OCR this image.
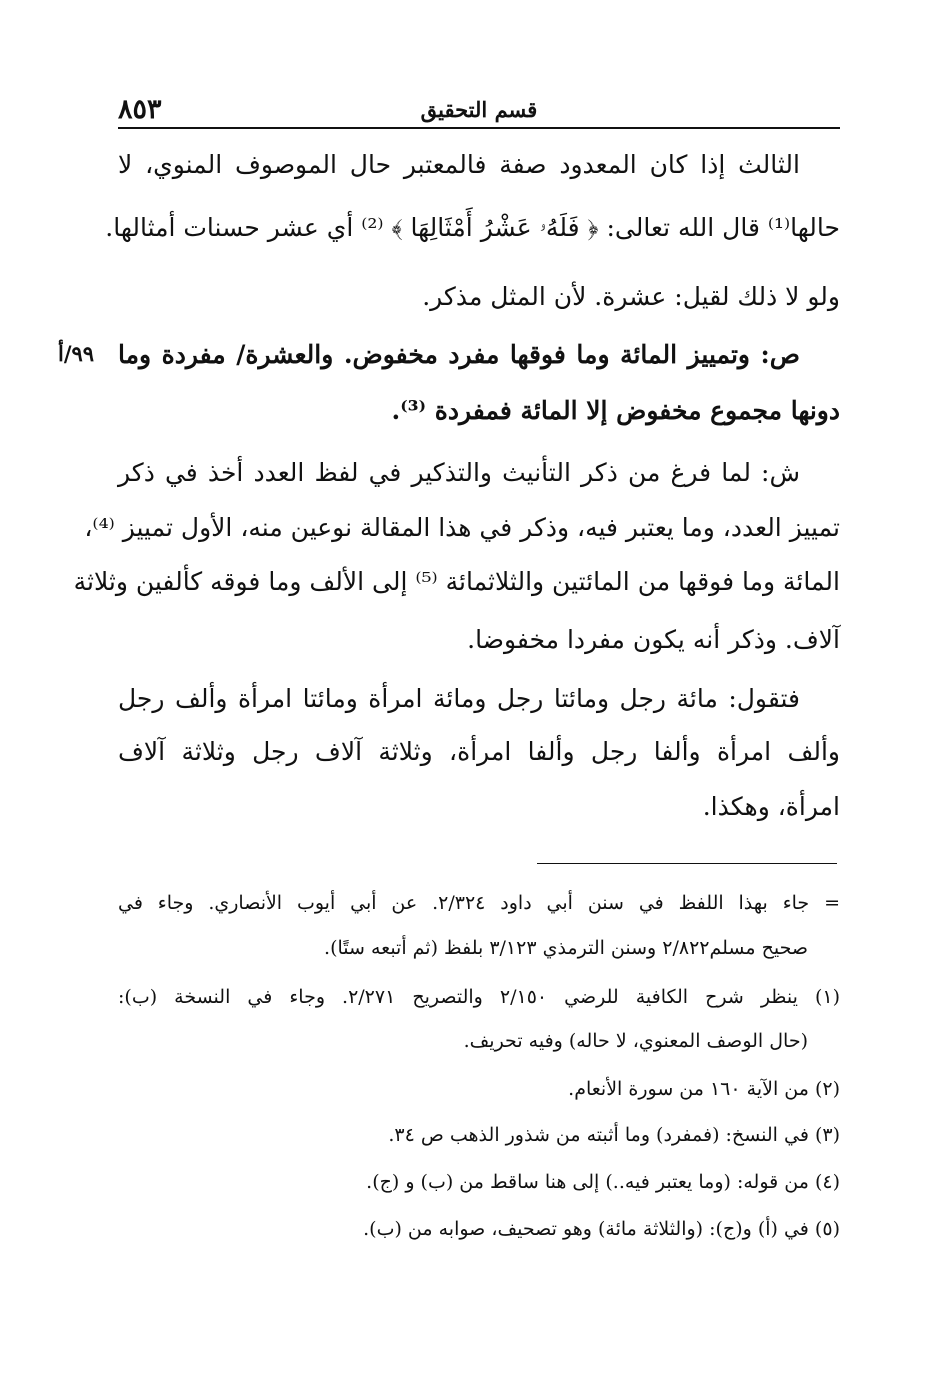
٨٥٣	قسم التحقيق
٩٩/أ
الثالث إذا كان المعدود صفة فالمعتبر حال الموصوف المنوي، لا
حالها⁽¹⁾ قال الله تعالى: ﴿ فَلَهُۥ عَشْرُ أَمْثَالِهَا ﴾ ⁽²⁾ أي عشر حسنات أمثالها.
ولو لا ذلك لقيل: عشرة. لأن المثل مذكر.
ص: وتمييز المائة وما فوقها مفرد مخفوض. والعشرة/ مفردة وما
دونها مجموع مخفوض إلا المائة فمفردة ⁽³⁾.
ش: لما فرغ من ذكر التأنيث والتذكير في لفظ العدد أخذ في ذكر
تمييز العدد، وما يعتبر فيه، وذكر في هذا المقالة نوعين منه، الأول تمييز ⁽⁴⁾،
المائة وما فوقها من المائتين والثلاثمائة ⁽⁵⁾ إلى الألف وما فوقه كألفين وثلاثة
آلاف. وذكر أنه يكون مفردا مخفوضا.
فتقول: مائة رجل ومائتا رجل ومائة امرأة ومائتا امرأة وألف رجل
وألف امرأة وألفا رجل وألفا امرأة، وثلاثة آلاف رجل وثلاثة آلاف
امرأة، وهكذا.
= جاء بهذا اللفظ في سنن أبي داود ٢/٣٢٤. عن أبي أيوب الأنصاري. وجاء في
صحيح مسلم٢/٨٢٢ وسنن الترمذي ٣/١٢٣ بلفظ (ثم أتبعه ستًا).
(١) ينظر شرح الكافية للرضي ٢/١٥٠ والتصريح ٢/٢٧١. وجاء في النسخة (ب):
(حال الوصف المعنوي، لا حاله) وفيه تحريف.
(٢) من الآية ١٦٠ من سورة الأنعام.
(٣) في النسخ: (فمفرد) وما أثبته من شذور الذهب ص ٣٤.
(٤) من قوله: (وما يعتبر فيه..) إلى هنا ساقط من (ب) و (ج).
(٥) في (أ) و(ج): (والثلاثة مائة) وهو تصحيف، صوابه من (ب).
